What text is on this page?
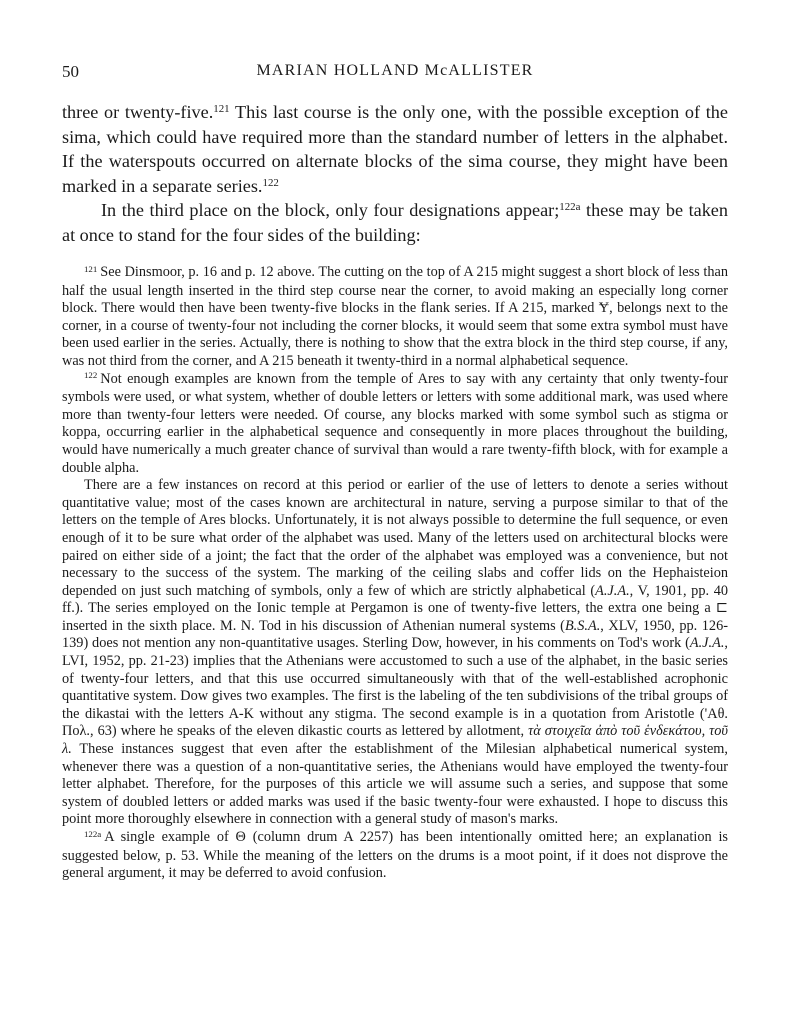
50	MARIAN HOLLAND McALLISTER

three or twenty-five.$^{121}$ This last course is the only one, with the possible exception of the sima, which could have required more than the standard number of letters in the alphabet. If the waterspouts occurred on alternate blocks of the sima course, they might have been marked in a separate series.$^{122}$

In the third place on the block, only four designations appear;$^{122a}$ these may be taken at once to stand for the four sides of the building:

$^{121}$ See Dinsmoor, p. 16 and p. 12 above. The cutting on the top of A 215 might suggest a short block of less than half the usual length inserted in the third step course near the corner, to avoid making an especially long corner block. There would then have been twenty-five blocks in the flank series. If A 215, marked Ɏ, belongs next to the corner, in a course of twenty-four not including the corner blocks, it would seem that some extra symbol must have been used earlier in the series. Actually, there is nothing to show that the extra block in the third step course, if any, was not third from the corner, and A 215 beneath it twenty-third in a normal alphabetical sequence.

$^{122}$ Not enough examples are known from the temple of Ares to say with any certainty that only twenty-four symbols were used, or what system, whether of double letters or letters with some additional mark, was used where more than twenty-four letters were needed. Of course, any blocks marked with some symbol such as stigma or koppa, occurring earlier in the alphabetical sequence and consequently in more places throughout the building, would have numerically a much greater chance of survival than would a rare twenty-fifth block, with for example a double alpha.

There are a few instances on record at this period or earlier of the use of letters to denote a series without quantitative value; most of the cases known are architectural in nature, serving a purpose similar to that of the letters on the temple of Ares blocks. Unfortunately, it is not always possible to determine the full sequence, or even enough of it to be sure what order of the alphabet was used. Many of the letters used on architectural blocks were paired on either side of a joint; the fact that the order of the alphabet was employed was a convenience, but not necessary to the success of the system. The marking of the ceiling slabs and coffer lids on the Hephaisteion depended on just such matching of symbols, only a few of which are strictly alphabetical (A.J.A., V, 1901, pp. 40 ff.). The series employed on the Ionic temple at Pergamon is one of twenty-five letters, the extra one being a ⊏ inserted in the sixth place. M. N. Tod in his discussion of Athenian numeral systems (B.S.A., XLV, 1950, pp. 126-139) does not mention any non-quantitative usages. Sterling Dow, however, in his comments on Tod's work (A.J.A., LVI, 1952, pp. 21-23) implies that the Athenians were accustomed to such a use of the alphabet, in the basic series of twenty-four letters, and that this use occurred simultaneously with that of the well-established acrophonic quantitative system. Dow gives two examples. The first is the labeling of the ten subdivisions of the tribal groups of the dikastai with the letters A-K without any stigma. The second example is in a quotation from Aristotle ('Αθ. Πολ., 63) where he speaks of the eleven dikastic courts as lettered by allotment, τὰ στοιχεῖα ἀπὸ τοῦ ἑνδεκάτου, τοῦ λ. These instances suggest that even after the establishment of the Milesian alphabetical numerical system, whenever there was a question of a non-quantitative series, the Athenians would have employed the twenty-four letter alphabet. Therefore, for the purposes of this article we will assume such a series, and suppose that some system of doubled letters or added marks was used if the basic twenty-four were exhausted. I hope to discuss this point more thoroughly elsewhere in connection with a general study of mason's marks.

$^{122a}$ A single example of Θ (column drum A 2257) has been intentionally omitted here; an explanation is suggested below, p. 53. While the meaning of the letters on the drums is a moot point, if it does not disprove the general argument, it may be deferred to avoid confusion.
